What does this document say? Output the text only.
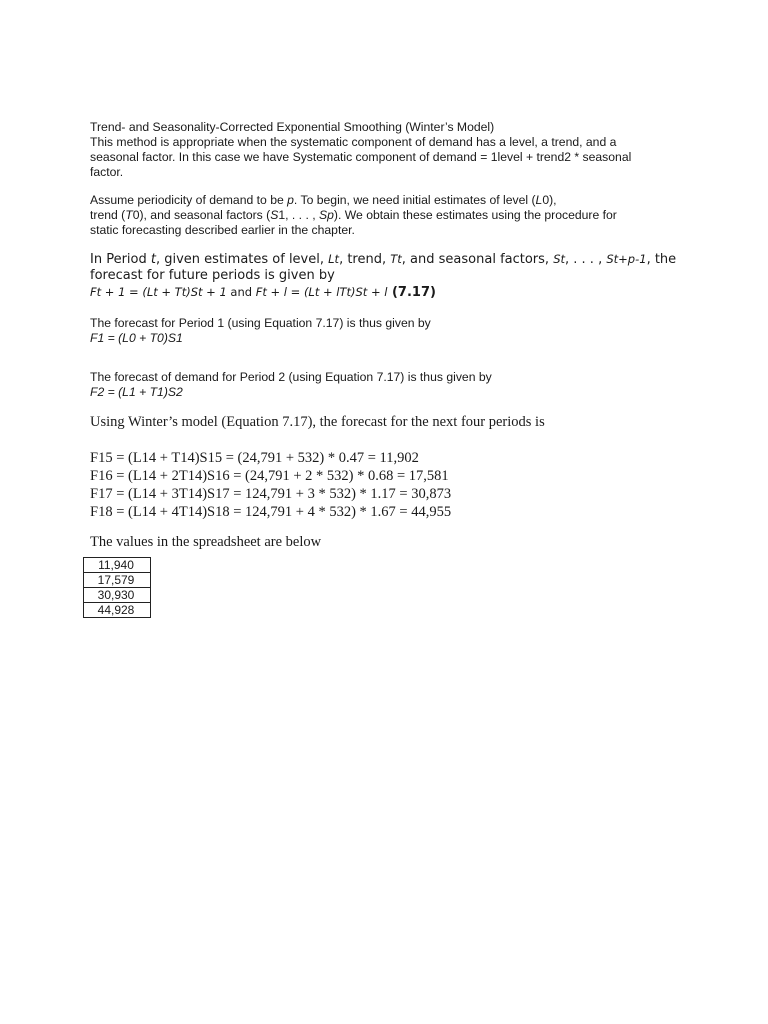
Trend- and Seasonality-Corrected Exponential Smoothing (Winter’s Model)

This method is appropriate when the systematic component of demand has a level, a trend, and a

seasonal factor. In this case we have Systematic component of demand = 1level + trend2 * seasonal

factor.

Assume periodicity of demand to be p. To begin, we need initial estimates of level (L0),

trend (T0), and seasonal factors (S1, . . . , Sp). We obtain these estimates using the procedure for

static forecasting described earlier in the chapter.

In Period t, given estimates of level, Lt, trend, Tt, and seasonal factors, St, . . . , St+p-1, the

forecast for future periods is given by

Ft + 1 = (Lt + Tt)St + 1 and Ft + l = (Lt + lTt)St + l (7.17)

The forecast for Period 1 (using Equation 7.17) is thus given by

F1 = (L0 + T0)S1

The forecast of demand for Period 2 (using Equation 7.17) is thus given by

F2 = (L1 + T1)S2

Using Winter’s model (Equation 7.17), the forecast for the next four periods is

F15 = (L14 + T14)S15 = (24,791 + 532) * 0.47 = 11,902

F16 = (L14 + 2T14)S16 = (24,791 + 2 * 532) * 0.68 = 17,581

F17 = (L14 + 3T14)S17 = 124,791 + 3 * 532) * 1.17 = 30,873

F18 = (L14 + 4T14)S18 = 124,791 + 4 * 532) * 1.67 = 44,955

The values in the spreadsheet are below

11,940
17,579
30,930
44,928
